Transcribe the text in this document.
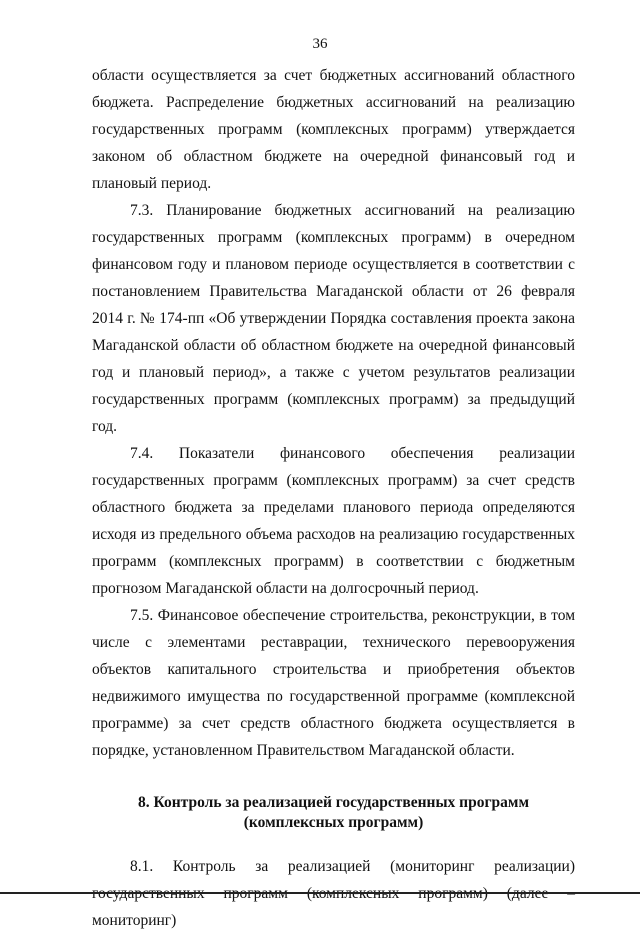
36

области осуществляется за счет бюджетных ассигнований областного бюджета. Распределение бюджетных ассигнований на реализацию государственных программ (комплексных программ) утверждается законом об областном бюджете на очередной финансовый год и плановый период.

7.3. Планирование бюджетных ассигнований на реализацию государственных программ (комплексных программ) в очередном финансовом году и плановом периоде осуществляется в соответствии с постановлением Правительства Магаданской области от 26 февраля 2014 г. № 174-пп «Об утверждении Порядка составления проекта закона Магаданской области об областном бюджете на очередной финансовый год и плановый период», а также с учетом результатов реализации государственных программ (комплексных программ) за предыдущий год.

7.4. Показатели финансового обеспечения реализации государственных программ (комплексных программ) за счет средств областного бюджета за пределами планового периода определяются исходя из предельного объема расходов на реализацию государственных программ (комплексных программ) в соответствии с бюджетным прогнозом Магаданской области на долгосрочный период.

7.5. Финансовое обеспечение строительства, реконструкции, в том числе с элементами реставрации, технического перевооружения объектов капитального строительства и приобретения объектов недвижимого имущества по государственной программе (комплексной программе) за счет средств областного бюджета осуществляется в порядке, установленном Правительством Магаданской области.

8. Контроль за реализацией государственных программ
(комплексных программ)

8.1. Контроль за реализацией (мониторинг реализации) мониторинг)
